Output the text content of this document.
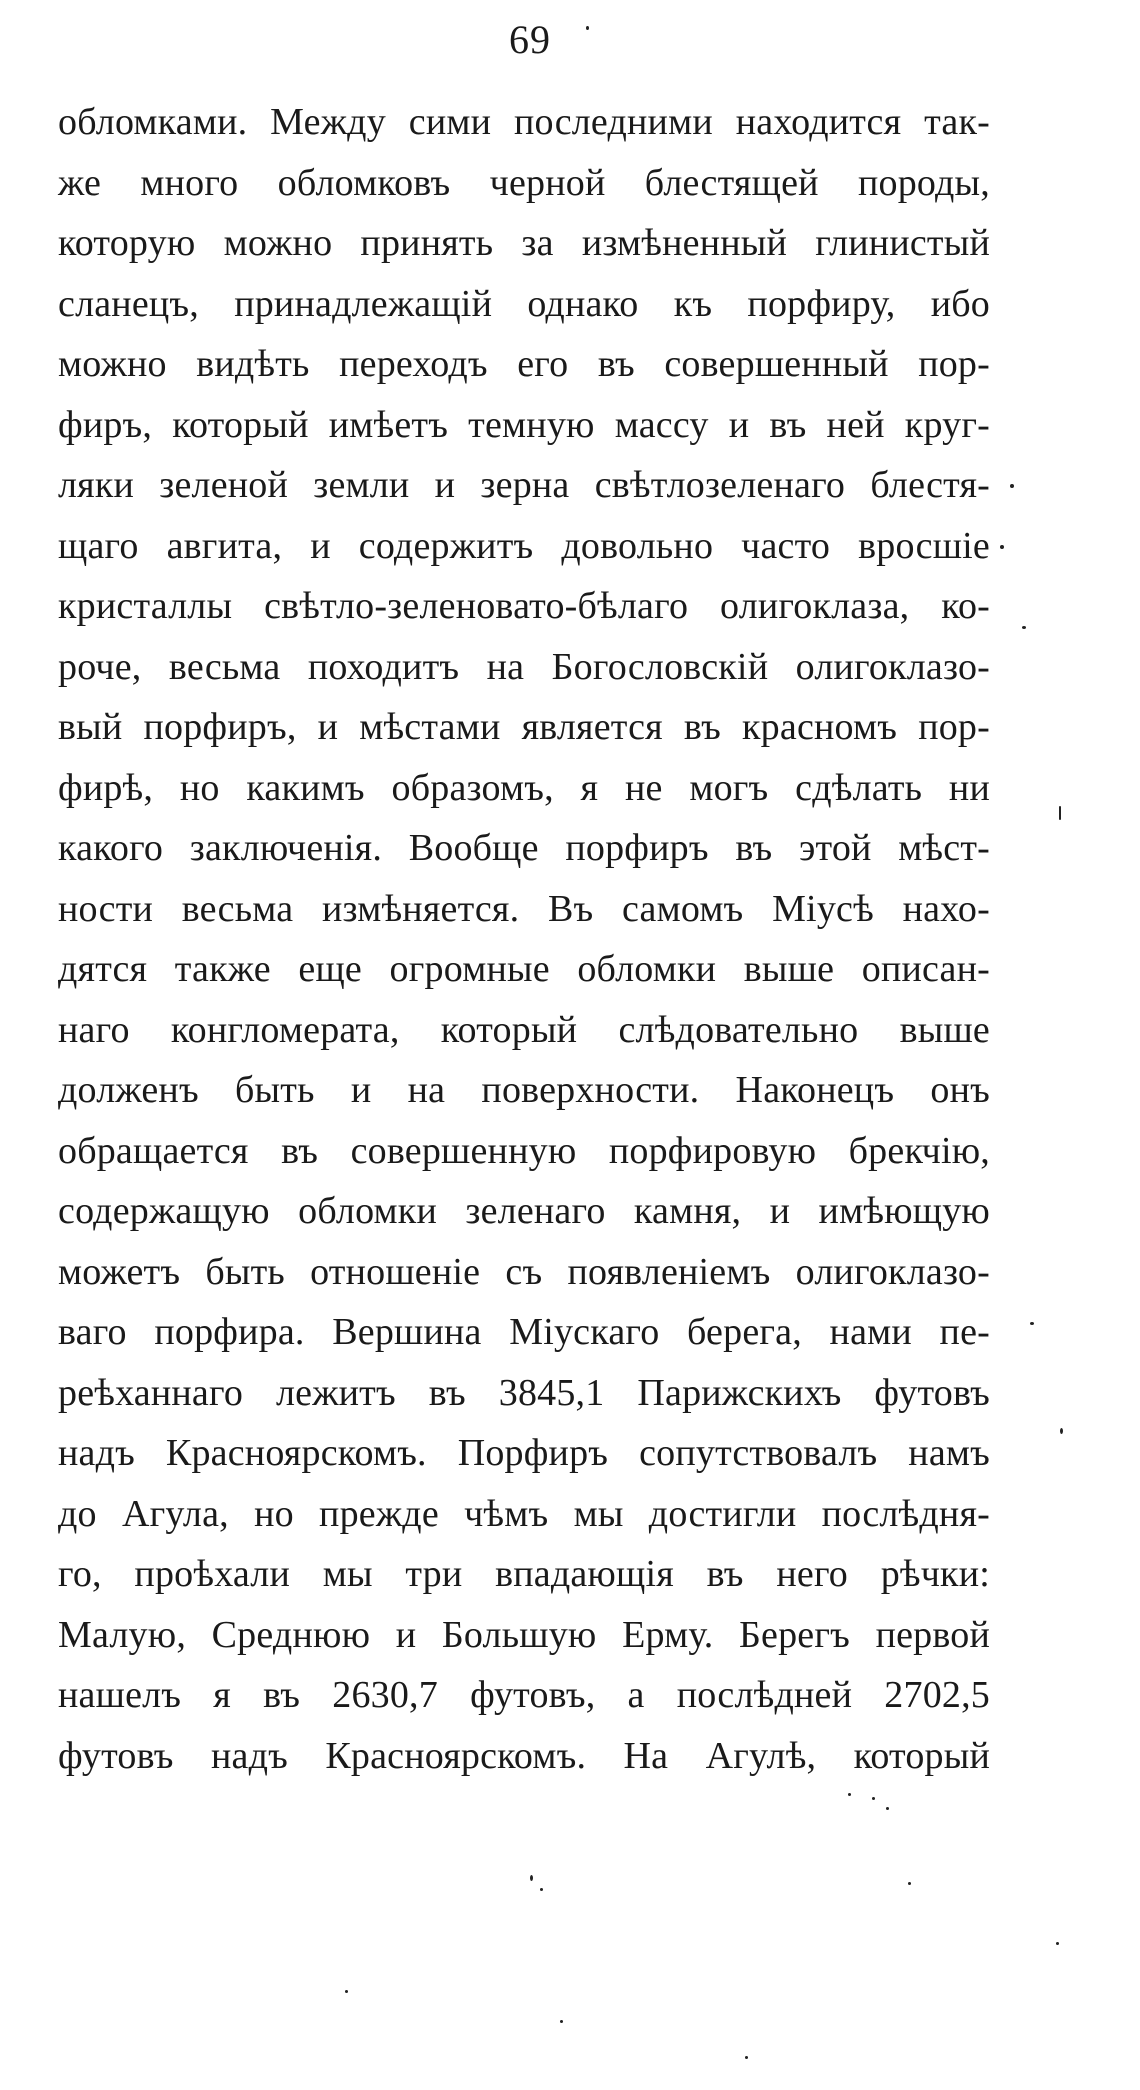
69
обломками. Между сими последними находится так-
же много обломковъ черной блестящей породы,
которую можно принять за измѣненный глинистый
сланецъ, принадлежащій однако къ порфиру, ибо
можно видѣть переходъ его въ совершенный пор-
фиръ, который имѣетъ темную массу и въ ней круг-
ляки зеленой земли и зерна свѣтлозеленаго блестя-
щаго авгита, и содержитъ довольно часто вросшіе
кристаллы свѣтло-зеленовато-бѣлаго олигоклаза, ко-
роче, весьма походитъ на Богословскій олигоклазо-
вый порфиръ, и мѣстами является въ красномъ пор-
фирѣ, но какимъ образомъ, я не могъ сдѣлать ни
какого заключенія. Вообще порфиръ въ этой мѣст-
ности весьма измѣняется. Въ самомъ Міусѣ нахо-
дятся также еще огромные обломки выше описан-
наго конгломерата, который слѣдовательно выше
долженъ быть и на поверхности. Наконецъ онъ
обращается въ совершенную порфировую брекчію,
содержащую обломки зеленаго камня, и имѣющую
можетъ быть отношеніе съ появленіемъ олигоклазо-
ваго порфира. Вершина Міускаго берега, нами пе-
реѣханнаго лежитъ въ 3845,1 Парижскихъ футовъ
надъ Красноярскомъ. Порфиръ сопутствовалъ намъ
до Агула, но прежде чѣмъ мы достигли послѣдня-
го, проѣхали мы три впадающія въ него рѣчки:
Малую, Среднюю и Большую Ерму. Берегъ первой
нашелъ я въ 2630,7 футовъ, а послѣдней 2702,5
футовъ надъ Красноярскомъ. На Агулѣ, который
